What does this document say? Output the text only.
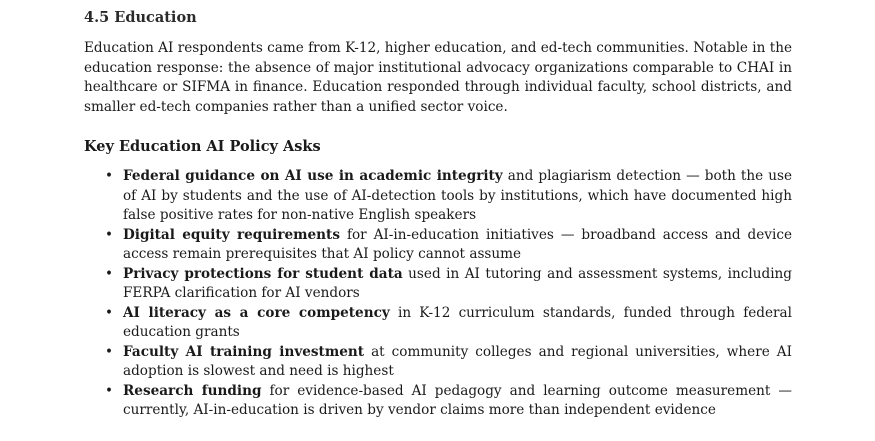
4.5 Education

Education AI respondents came from K-12, higher education, and ed-tech communities. Notable in the education response: the absence of major institutional advocacy organizations comparable to CHAI in healthcare or SIFMA in finance. Education responded through individual faculty, school districts, and smaller ed-tech companies rather than a unified sector voice.

Key Education AI Policy Asks
• Federal guidance on AI use in academic integrity and plagiarism detection — both the use of AI by students and the use of AI-detection tools by institutions, which have documented high false positive rates for non-native English speakers
• Digital equity requirements for AI-in-education initiatives — broadband access and device access remain prerequisites that AI policy cannot assume
• Privacy protections for student data used in AI tutoring and assessment systems, including FERPA clarification for AI vendors
• AI literacy as a core competency in K-12 curriculum standards, funded through federal education grants
• Faculty AI training investment at community colleges and regional universities, where AI adoption is slowest and need is highest
• Research funding for evidence-based AI pedagogy and learning outcome measurement — currently, AI-in-education is driven by vendor claims more than independent evidence
